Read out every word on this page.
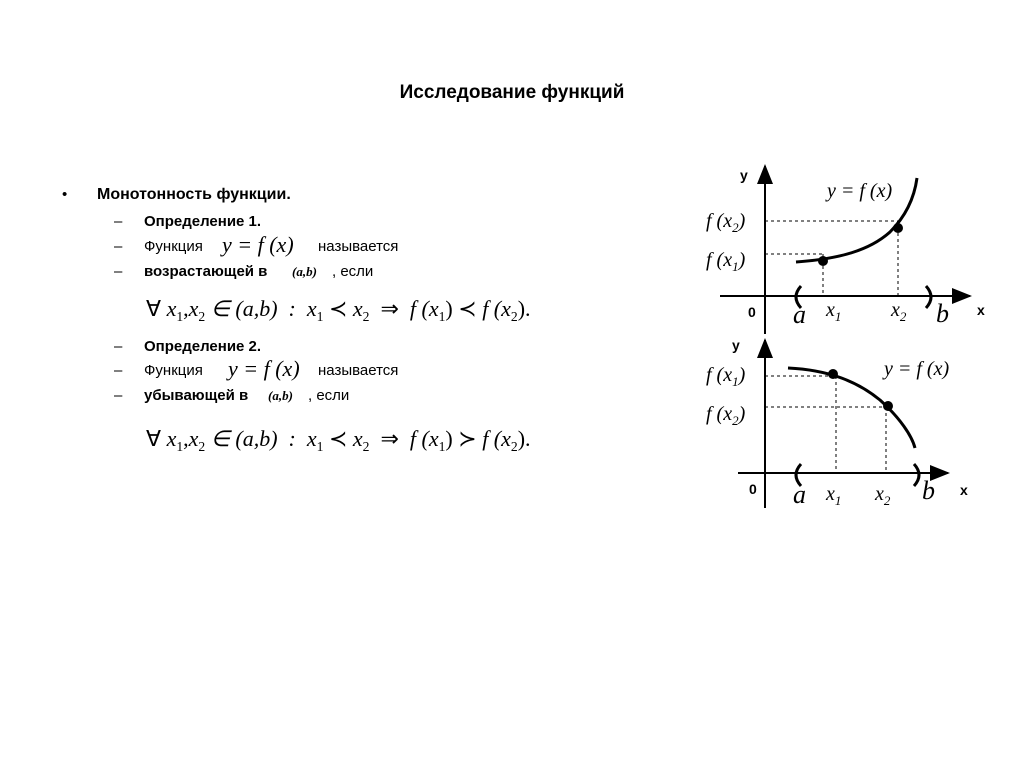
Исследование функций
• Монотонность функции.
– Определение 1.
– Функция y = f (x) называется
– возрастающей в (a,b) , если
∀ $x_1,x_2$ ∈ (a,b)  :  $x_1$ ≺ $x_2$  ⇒  f $(x_1)$ ≺ f $(x_2)$.
– Определение 2.
– Функция y = f (x) называется
– убывающей в (a,b) , если
∀ $x_1,x_2$ ∈ (a,b)  :  $x_1$ ≺ $x_2$  ⇒  f $(x_1)$ ≻ f $(x_2)$.
y
x
0
y = f (x)
f $(x_2)$
f $(x_1)$
a	b
$x_1$ $x_2$
y
x
0
y = f (x)
f $(x_1)$
f $(x_2)$
a	b
$x_1$ $x_2$
